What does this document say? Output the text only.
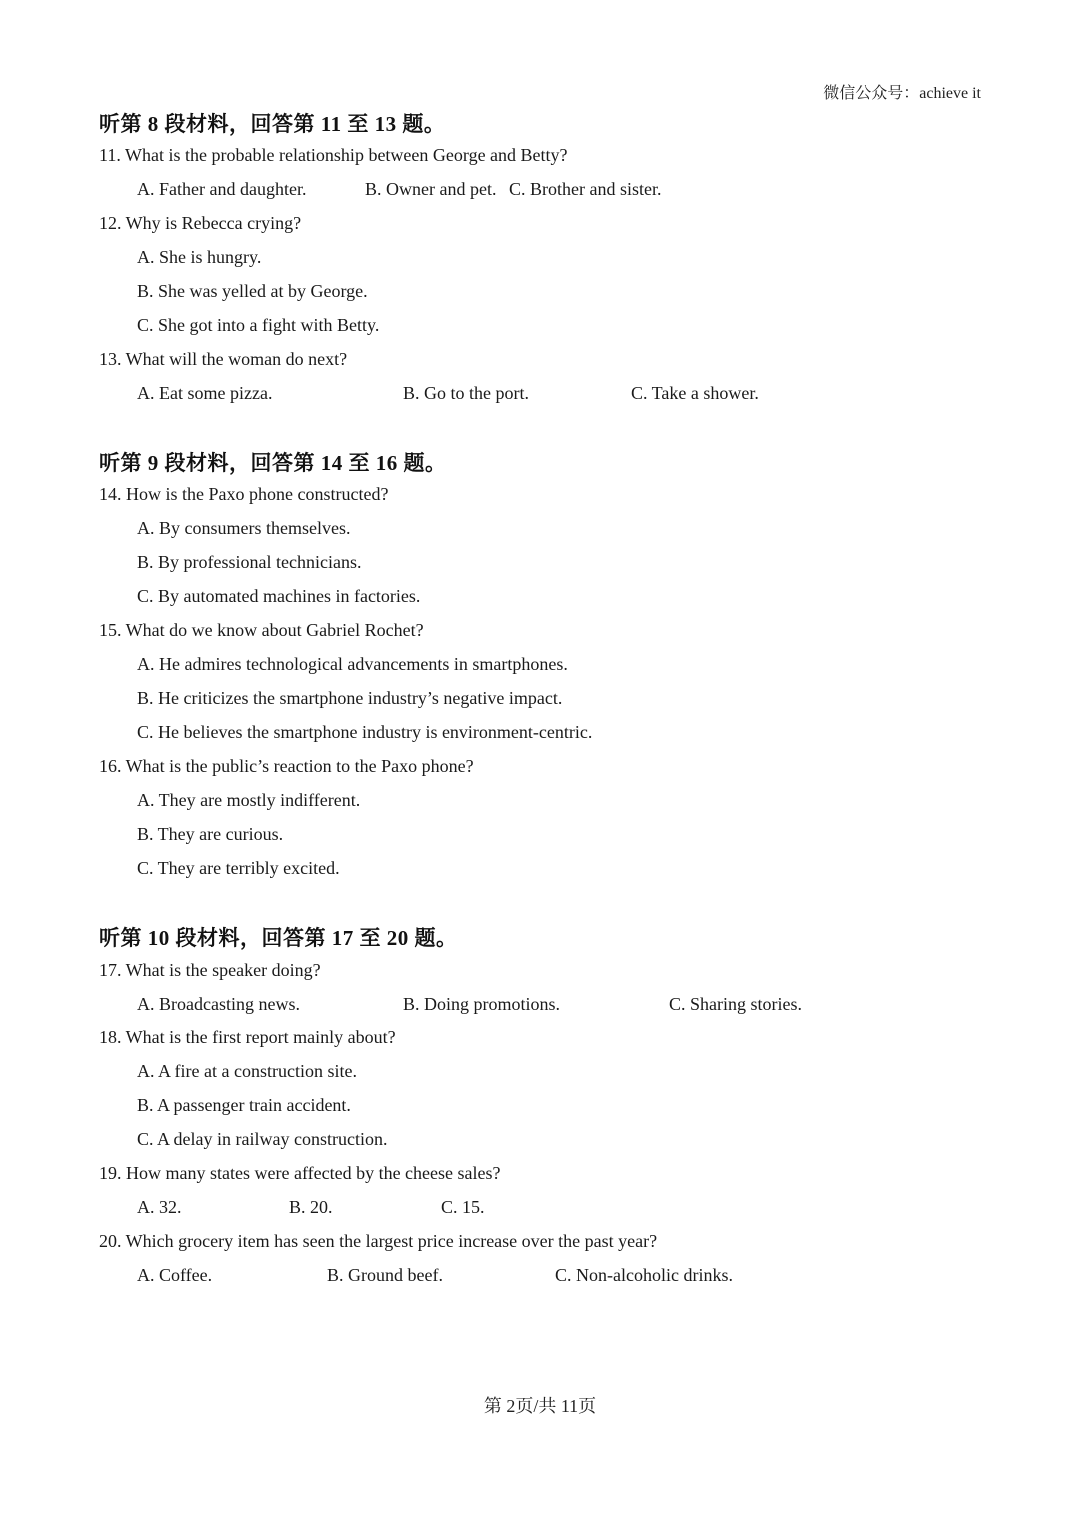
微信公众号：achieve it
听第 8 段材料，回答第 11 至 13 题。
11. What is the probable relationship between George and Betty?
A. Father and daughter.	B. Owner and pet. C. Brother and sister.
12. Why is Rebecca crying?
A. She is hungry.
B. She was yelled at by George.
C. She got into a fight with Betty.
13. What will the woman do next?
A. Eat some pizza.	B. Go to the port.	C. Take a shower.
听第 9 段材料，回答第 14 至 16 题。
14. How is the Paxo phone constructed?
A. By consumers themselves.
B. By professional technicians.
C. By automated machines in factories.
15. What do we know about Gabriel Rochet?
A. He admires technological advancements in smartphones.
B. He criticizes the smartphone industry’s negative impact.
C. He believes the smartphone industry is environment-centric.
16. What is the public’s reaction to the Paxo phone?
A. They are mostly indifferent.
B. They are curious.
C. They are terribly excited.
听第 10 段材料，回答第 17 至 20 题。
17. What is the speaker doing?
A. Broadcasting news.	B. Doing promotions.	C. Sharing stories.
18. What is the first report mainly about?
A. A fire at a construction site.
B. A passenger train accident.
C. A delay in railway construction.
19. How many states were affected by the cheese sales?
A. 32.	B. 20.	C. 15.
20. Which grocery item has seen the largest price increase over the past year?
A. Coffee.	B. Ground beef.	C. Non-alcoholic drinks.
第 2页/共 11页
